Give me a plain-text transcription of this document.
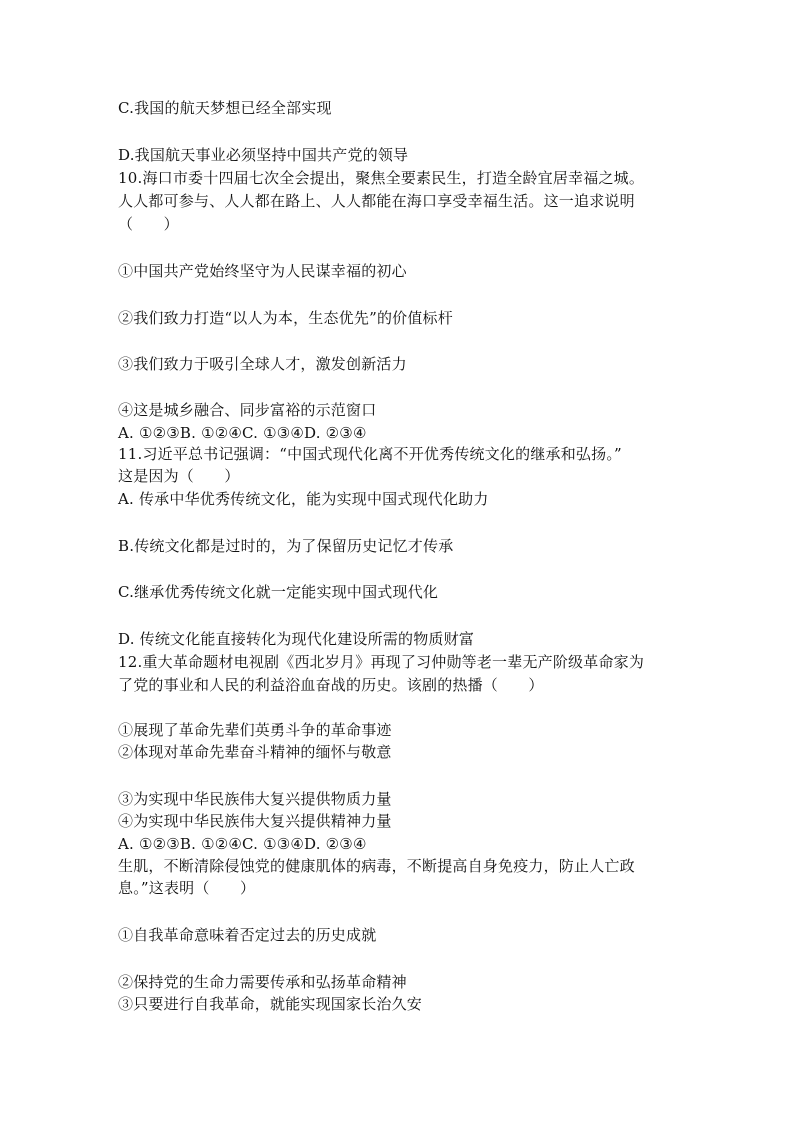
C.我国的航天梦想已经全部实现
D.我国航天事业必须坚持中国共产党的领导
10.海口市委十四届七次全会提出，聚焦全要素民生，打造全龄宜居幸福之城。
人人都可参与、人人都在路上、人人都能在海口享受幸福生活。这一追求说明
（　　）
①中国共产党始终坚守为人民谋幸福的初心
②我们致力打造“以人为本，生态优先”的价值标杆
③我们致力于吸引全球人才，激发创新活力
④这是城乡融合、同步富裕的示范窗口
A. ①②③B. ①②④C. ①③④D. ②③④
11.习近平总书记强调：“中国式现代化离不开优秀传统文化的继承和弘扬。”
这是因为（　　）
A. 传承中华优秀传统文化，能为实现中国式现代化助力
B.传统文化都是过时的，为了保留历史记忆才传承
C.继承优秀传统文化就一定能实现中国式现代化
D. 传统文化能直接转化为现代化建设所需的物质财富
12.重大革命题材电视剧《西北岁月》再现了习仲勋等老一辈无产阶级革命家为
了党的事业和人民的利益浴血奋战的历史。该剧的热播（　　）
①展现了革命先辈们英勇斗争的革命事迹
②体现对革命先辈奋斗精神的缅怀与敬意
③为实现中华民族伟大复兴提供物质力量
④为实现中华民族伟大复兴提供精神力量
A. ①②③B. ①②④C. ①③④D. ②③④
生肌，不断清除侵蚀党的健康肌体的病毒，不断提高自身免疫力，防止人亡政
息。”这表明（　　）
①自我革命意味着否定过去的历史成就
②保持党的生命力需要传承和弘扬革命精神
③只要进行自我革命，就能实现国家长治久安
